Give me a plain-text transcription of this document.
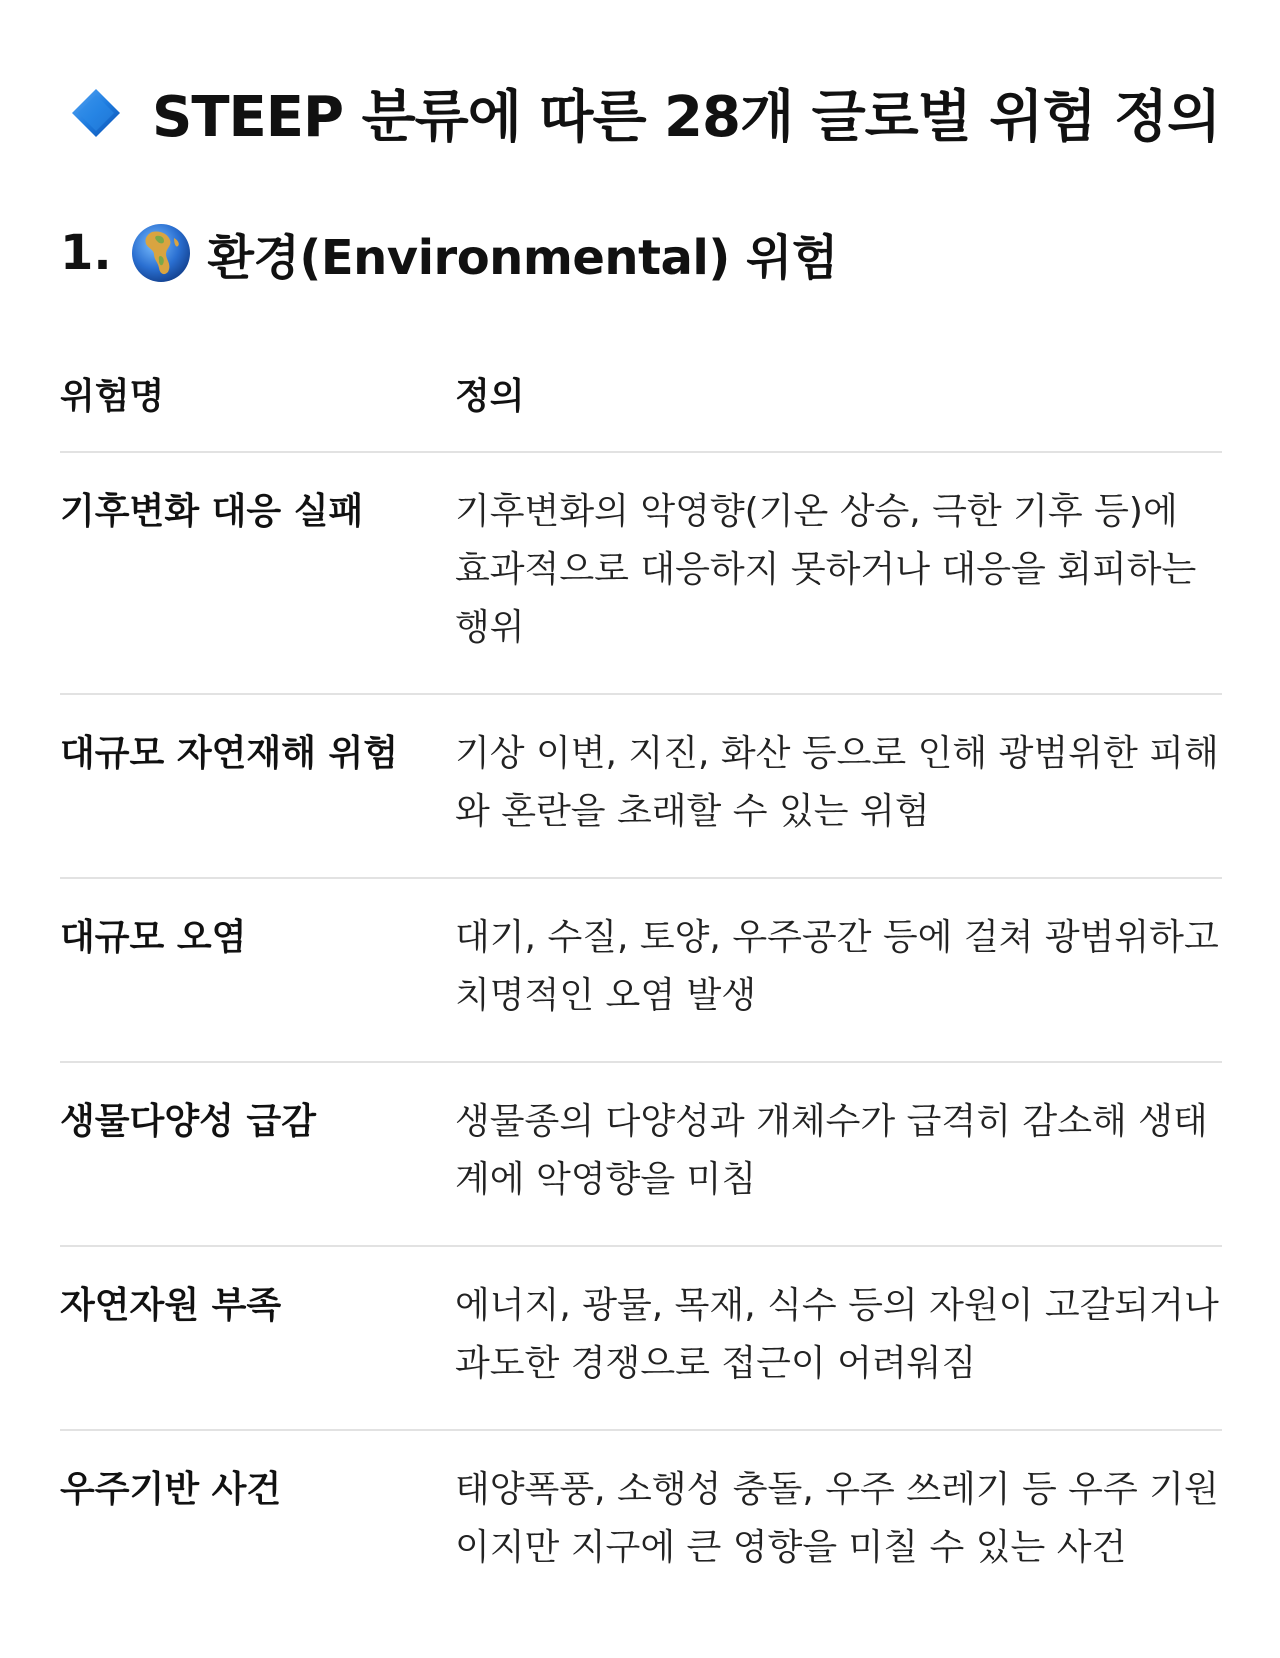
STEEP 분류에 따른 28개 글로벌 위험 정의
1. 환경(Environmental) 위험
위험명	정의
기후변화 대응 실패	기후변화의 악영향(기온 상승, 극한 기후 등)에 효과적으로 대응하지 못하거나 대응을 회피하는 행위
대규모 자연재해 위험	기상 이변, 지진, 화산 등으로 인해 광범위한 피해와 혼란을 초래할 수 있는 위험
대규모 오염	대기, 수질, 토양, 우주공간 등에 걸쳐 광범위하고 치명적인 오염 발생
생물다양성 급감	생물종의 다양성과 개체수가 급격히 감소해 생태계에 악영향을 미침
자연자원 부족	에너지, 광물, 목재, 식수 등의 자원이 고갈되거나 과도한 경쟁으로 접근이 어려워짐
우주기반 사건	태양폭풍, 소행성 충돌, 우주 쓰레기 등 우주 기원이지만 지구에 큰 영향을 미칠 수 있는 사건
